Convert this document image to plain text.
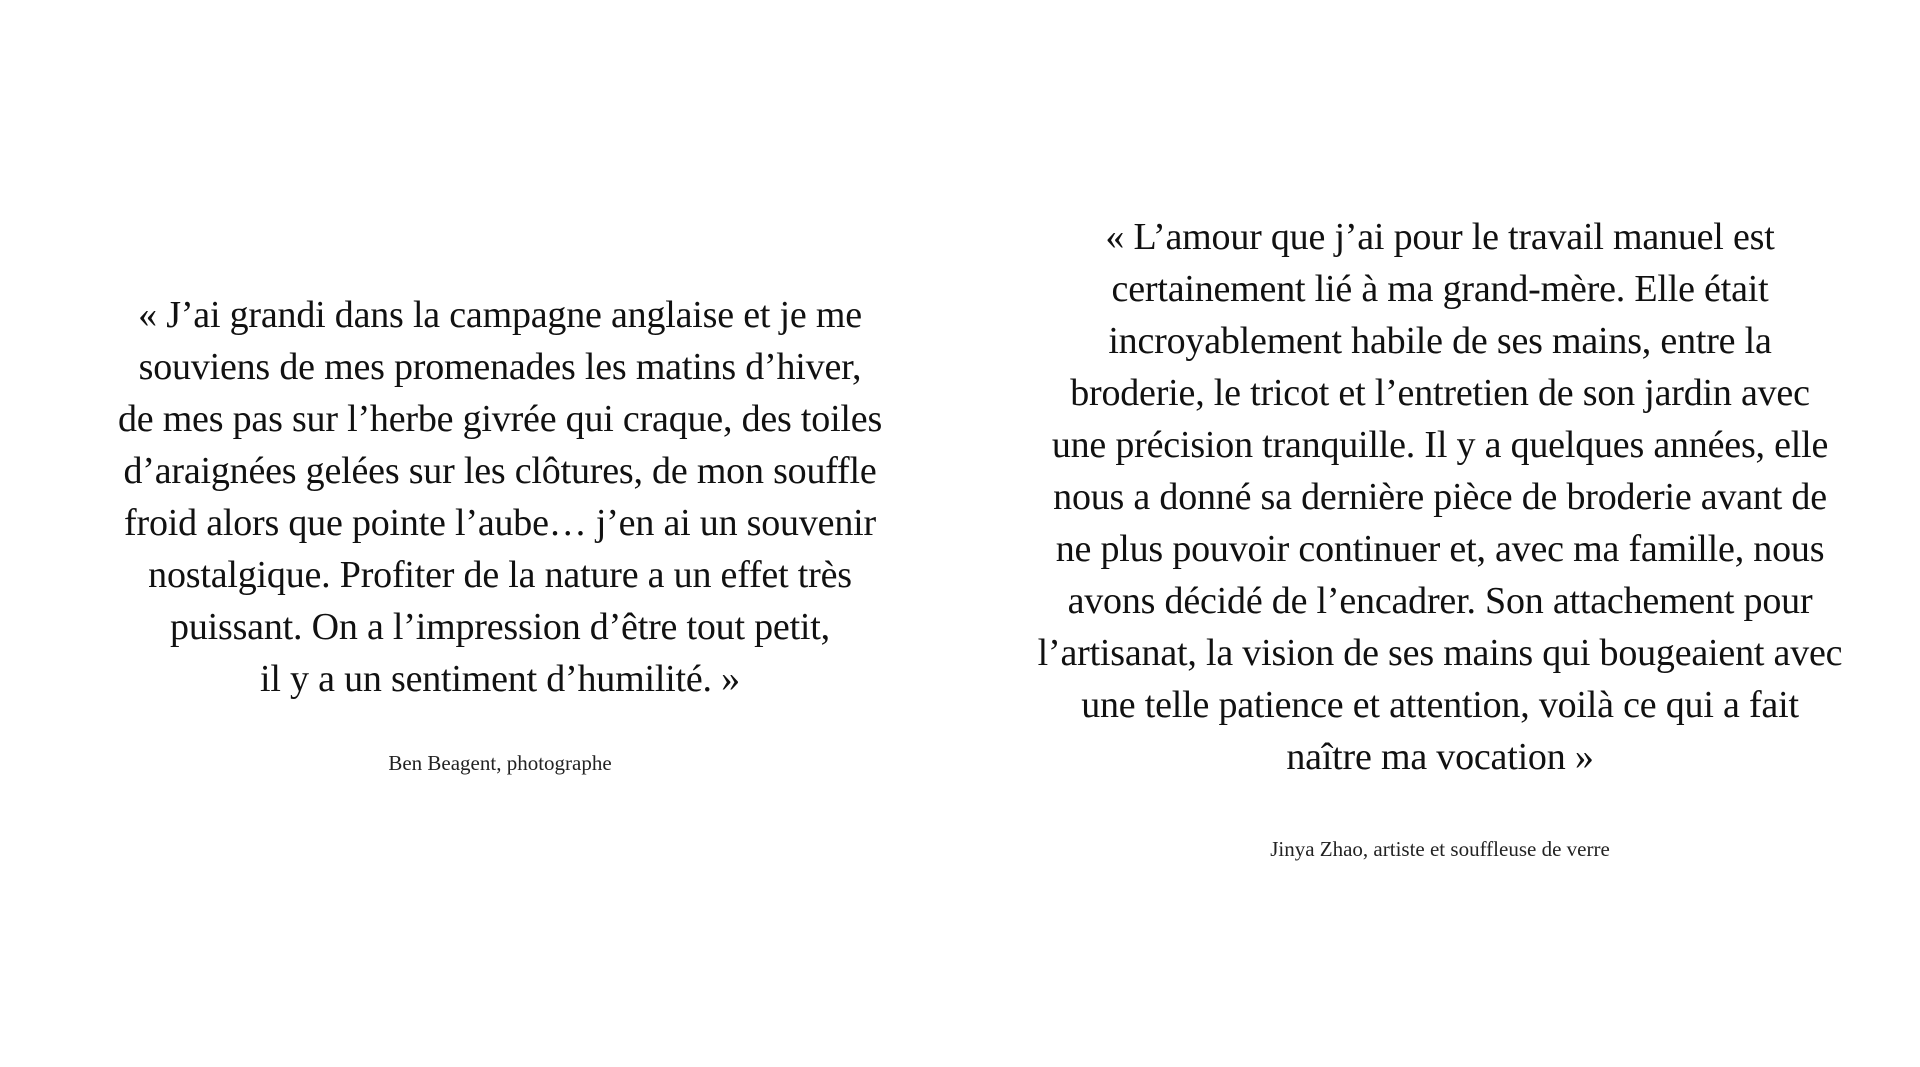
« J’ai grandi dans la campagne anglaise et je me
souviens de mes promenades les matins d’hiver,
de mes pas sur l’herbe givrée qui craque, des toiles
d’araignées gelées sur les clôtures, de mon souffle
froid alors que pointe l’aube… j’en ai un souvenir
nostalgique. Profiter de la nature a un effet très
puissant. On a l’impression d’être tout petit,
il y a un sentiment d’humilité. »
Ben Beagent, photographe
« L’amour que j’ai pour le travail manuel est
certainement lié à ma grand-mère. Elle était
incroyablement habile de ses mains, entre la
broderie, le tricot et l’entretien de son jardin avec
une précision tranquille. Il y a quelques années, elle
nous a donné sa dernière pièce de broderie avant de
ne plus pouvoir continuer et, avec ma famille, nous
avons décidé de l’encadrer. Son attachement pour
l’artisanat, la vision de ses mains qui bougeaient avec
une telle patience et attention, voilà ce qui a fait
naître ma vocation »
Jinya Zhao, artiste et souffleuse de verre
